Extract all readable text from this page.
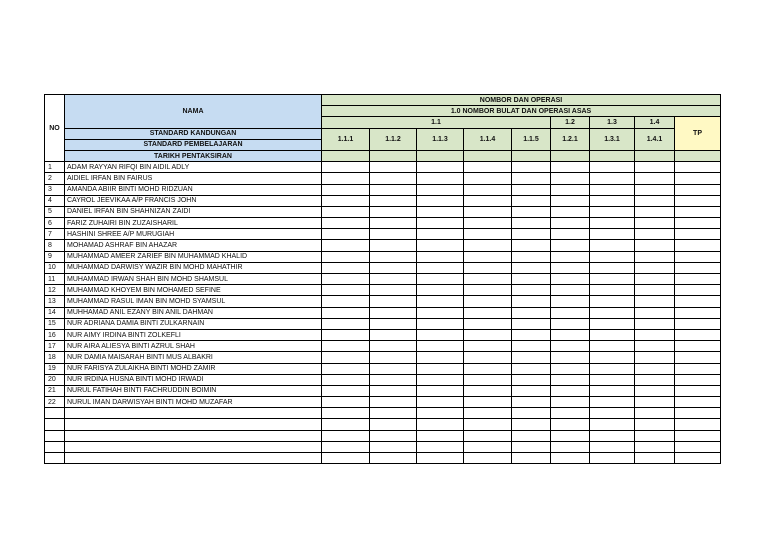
NO	NAMA	NOMBOR DAN OPERASI								
		1.0 NOMBOR BULAT DAN OPERASI ASAS								
		1.1					1.2	1.3	1.4	TP
	STANDARD KANDUNGAN	1.1.1	1.1.2	1.1.3	1.1.4	1.1.5	1.2.1	1.3.1	1.4.1	
	STANDARD PEMBELAJARAN									
	TARIKH PENTAKSIRAN									
1	ADAM RAYYAN RIFQI BIN AIDIL ADLY									
2	AIDIEL IRFAN BIN FAIRUS									
3	AMANDA ABIIR BINTI MOHD RIDZUAN									
4	CAYROL JEEVIKAA A/P FRANCIS JOHN									
5	DANIEL IRFAN BIN SHAHNIZAN ZAIDI									
6	FARIZ ZUHAIRI BIN ZUZAISHARIL									
7	HASHINI SHREE A/P MURUGIAH									
8	MOHAMAD ASHRAF BIN AHAZAR									
9	MUHAMMAD AMEER ZARIEF BIN MUHAMMAD KHALID									
10	MUHAMMAD DARWISY WAZIR BIN MOHD MAHATHIR									
11	MUHAMMAD IRWAN SHAH BIN MOHD SHAMSUL									
12	MUHAMMAD KHOYEM BIN MOHAMED SEFINE									
13	MUHAMMAD RASUL IMAN BIN MOHD SYAMSUL									
14	MUHHAMAD ANIL EZANY BIN ANIL DAHMAN									
15	NUR ADRIANA DAMIA BINTI ZULKARNAIN									
16	NUR AIMY IRDINA BINTI ZOLKEFLI									
17	NUR AIRA ALIESYA BINTI AZRUL SHAH									
18	NUR DAMIA MAISARAH BINTI MUS ALBAKRI									
19	NUR FARISYA ZULAIKHA BINTI MOHD ZAMIR									
20	NUR IRDINA HUSNA BINTI MOHD IRWADI									
21	NURUL FATIHAH BINTI FACHRUDDIN BOIMIN									
22	NURUL IMAN DARWISYAH BINTI MOHD MUZAFAR									
